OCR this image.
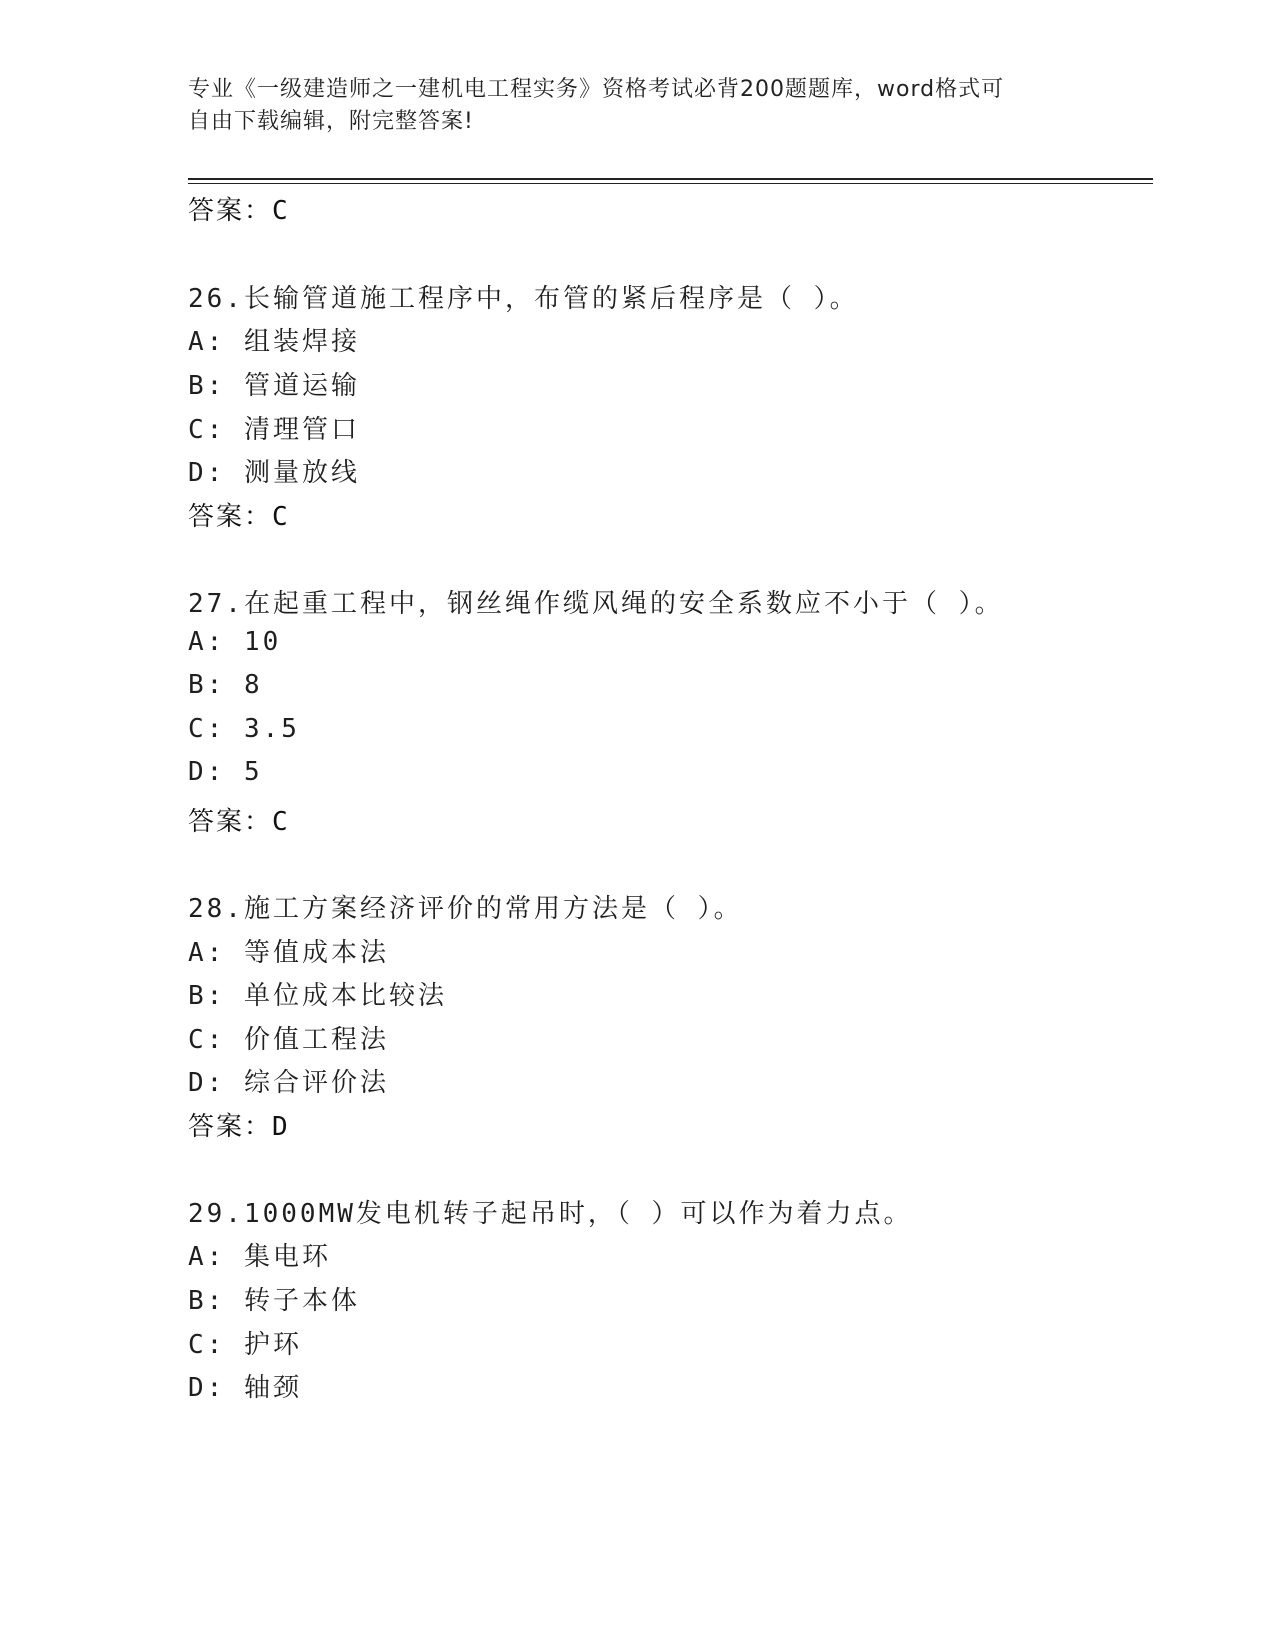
专业《一级建造师之一建机电工程实务》资格考试必背200题题库，word格式可
自由下载编辑，附完整答案!
答案：C
26.长输管道施工程序中，布管的紧后程序是（ ）。
A: 组装焊接
B: 管道运输
C: 清理管口
D: 测量放线
答案：C
27.在起重工程中，钢丝绳作缆风绳的安全系数应不小于（ ）。
A: 10
B: 8
C: 3.5
D: 5
答案：C
28.施工方案经济评价的常用方法是（ ）。
A: 等值成本法
B: 单位成本比较法
C: 价值工程法
D: 综合评价法
答案：D
29.1000MW发电机转子起吊时，（ ）可以作为着力点。
A: 集电环
B: 转子本体
C: 护环
D: 轴颈
